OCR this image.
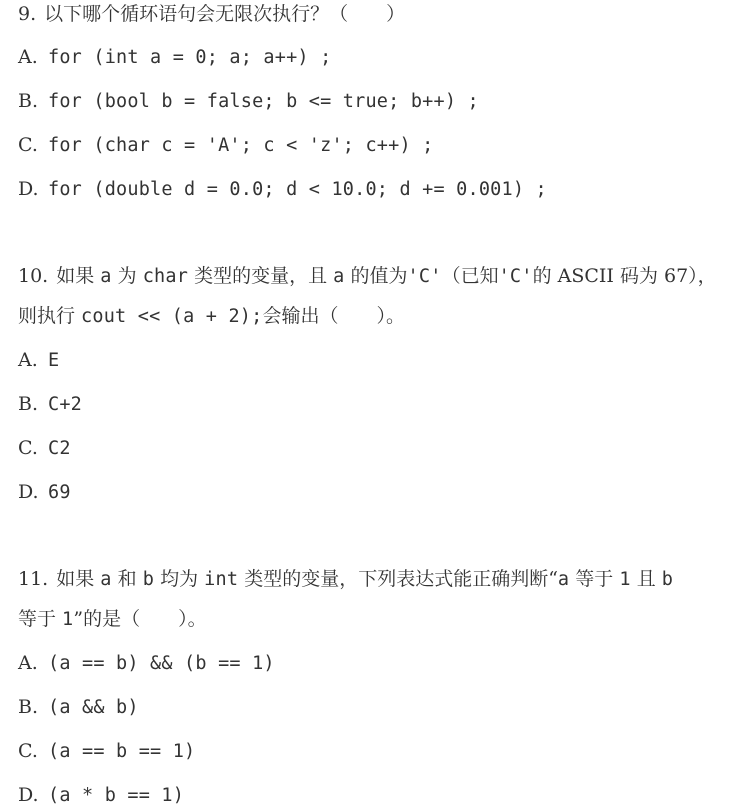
9. 以下哪个循环语句会无限次执行？（　　）
A. for (int a = 0; a; a++) ;
B. for (bool b = false; b <= true; b++) ;
C. for (char c = 'A'; c < 'z'; c++) ;
D. for (double d = 0.0; d < 10.0; d += 0.001) ;
10. 如果 a 为 char 类型的变量，且 a 的值为'C'（已知'C'的 ASCII 码为 67），
则执行 cout << (a + 2);会输出（　　）。
A. E
B. C+2
C. C2
D. 69
11. 如果 a 和 b 均为 int 类型的变量，下列表达式能正确判断“a 等于 1 且 b
等于 1”的是（　　）。
A. (a == b) && (b == 1)
B. (a && b)
C. (a == b == 1)
D. (a * b == 1)
